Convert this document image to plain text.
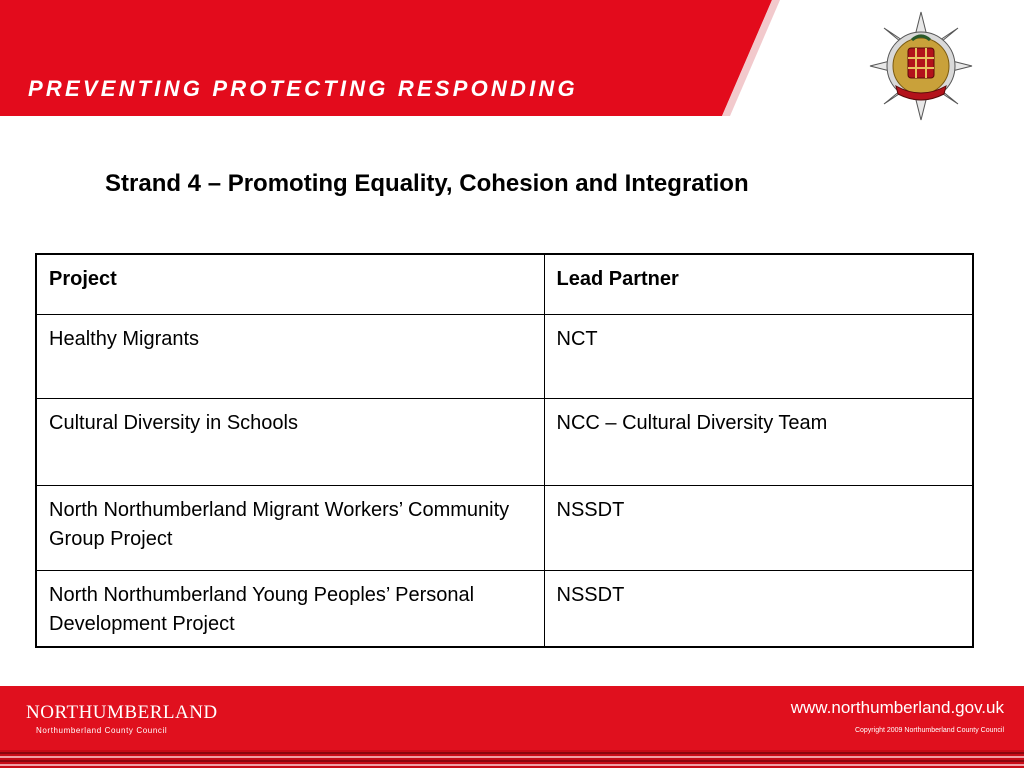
PREVENTING PROTECTING RESPONDING
Strand 4 – Promoting Equality, Cohesion and Integration
Project	Lead Partner
Healthy Migrants	NCT
Cultural Diversity in Schools	NCC – Cultural Diversity Team
North Northumberland Migrant Workers’ Community Group Project	NSSDT
North Northumberland Young Peoples’ Personal Development Project	NSSDT
NORTHUMBERLAND
Northumberland County Council
www.northumberland.gov.uk
Copyright 2009 Northumberland County Council
